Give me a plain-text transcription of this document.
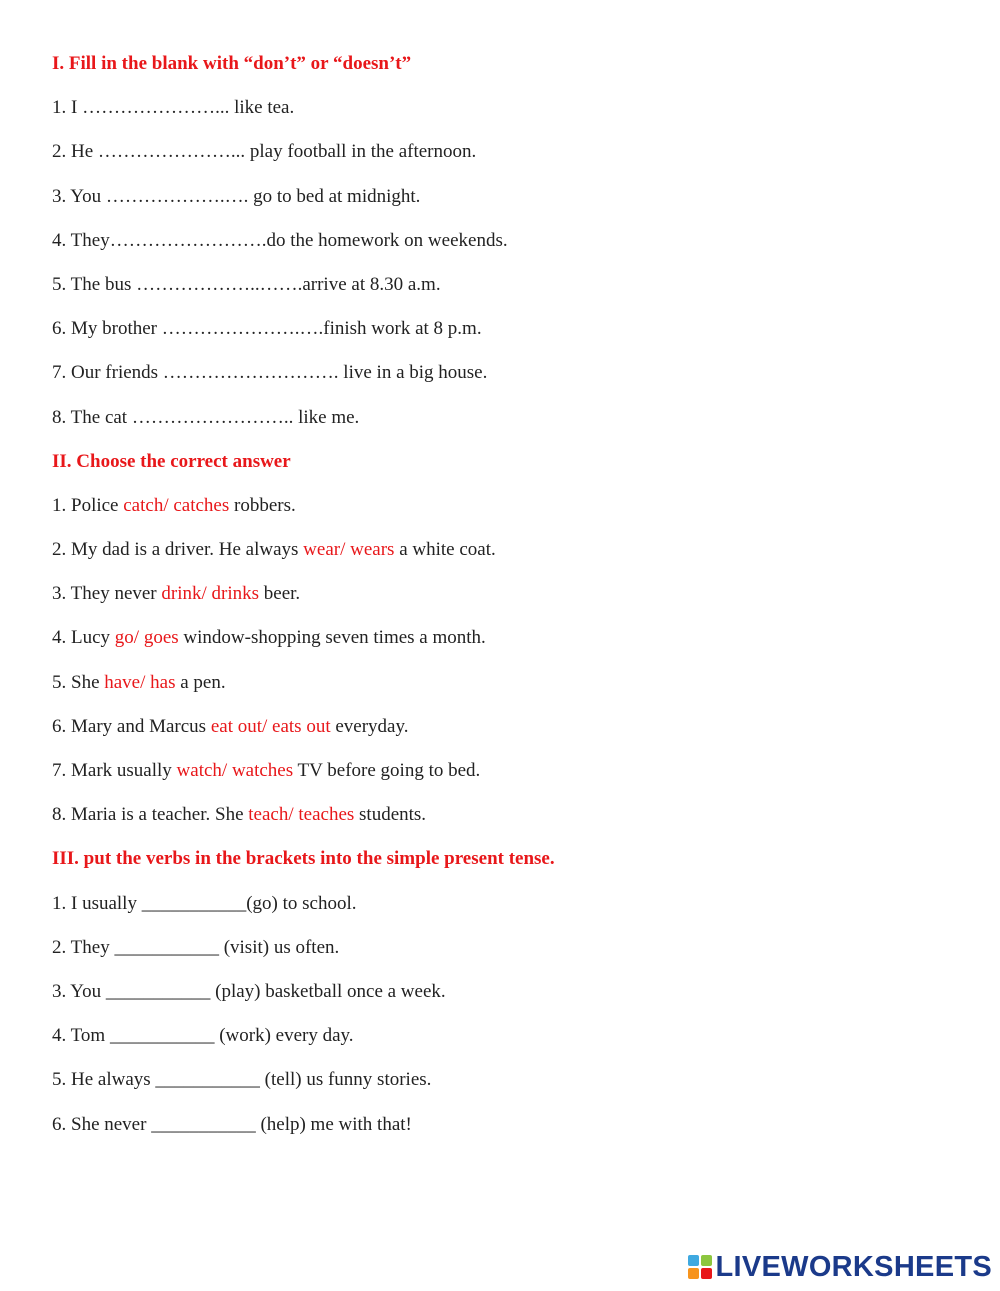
I. Fill in the blank with “don’t” or “doesn’t”
1. I …………………... like tea.
2. He …………………... play football in the afternoon.
3. You ……………….…. go to bed at midnight.
4. They…………………….do the homework on weekends.
5. The bus ………………..…….arrive at 8.30 a.m.
6. My brother ………………….….finish work at 8 p.m.
7. Our friends ………………………. live in a big house.
8. The cat …………………….. like me.
II. Choose the correct answer
1. Police catch/ catches robbers.
2. My dad is a driver. He always wear/ wears a white coat.
3. They never drink/ drinks beer.
4. Lucy go/ goes window-shopping seven times a month.
5. She have/ has a pen.
6. Mary and Marcus eat out/ eats out everyday.
7. Mark usually watch/ watches TV before going to bed.
8. Maria is a teacher. She teach/ teaches students.
III. put the verbs in the brackets into the simple present tense.
1. I usually ___________(go) to school.
2. They ___________ (visit) us often.
3. You ___________ (play) basketball once a week.
4. Tom ___________ (work) every day.
5. He always ___________ (tell) us funny stories.
6. She never ___________ (help) me with that!
LIVEWORKSHEETS
